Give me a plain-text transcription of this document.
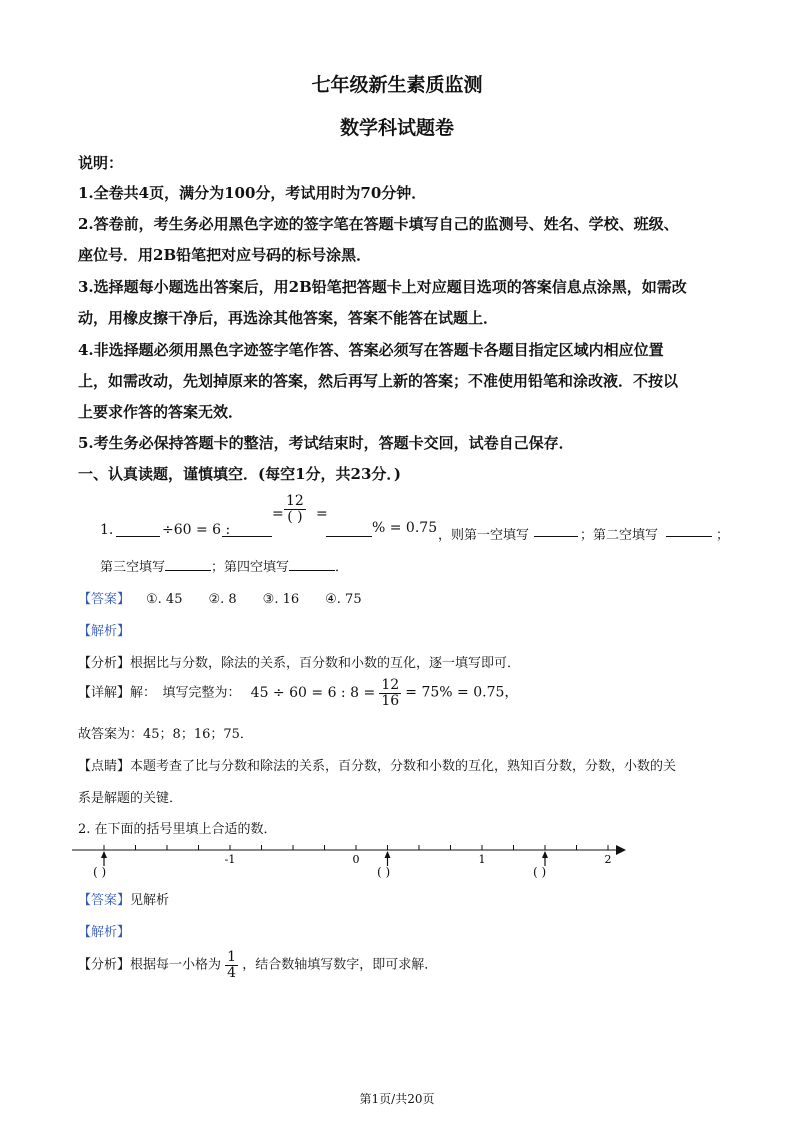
七年级新生素质监测
数学科试题卷
说明：
1.全卷共4页，满分为100分，考试用时为70分钟．
2.答卷前，考生务必用黑色字迹的签字笔在答题卡填写自己的监测号、姓名、学校、班级、
座位号．用2B铅笔把对应号码的标号涂黑．
3.选择题每小题选出答案后，用2B铅笔把答题卡上对应题目选项的答案信息点涂黑，如需改
动，用橡皮擦干净后，再选涂其他答案，答案不能答在试题上．
4.非选择题必须用黑色字迹签字笔作答、答案必须写在答题卡各题目指定区域内相应位置
上，如需改动，先划掉原来的答案，然后再写上新的答案；不准使用铅笔和涂改液．不按以
上要求作答的答案无效．
5.考生务必保持答题卡的整洁，考试结束时，答题卡交回，试卷自己保存．
一、认真读题，谨慎填空．(每空1分，共23分．)
1.	÷60 = 6 :
=
12
( ) =
% = 0.75 ，则第一空填写	；第二空填写	；
第三空填写	；第四空填写	．
【答案】 ①. 45　　②. 8　　③. 16　　④. 75
【解析】
【分析】根据比与分数，除法的关系，百分数和小数的互化，逐一填写即可．
【详解】解：　填写完整为： 45 ÷ 60 = 6 : $8 = \frac{12}{16} = 75\% = 0.75$，
故答案为：45；8；16；75．
【点睛】本题考查了比与分数和除法的关系，百分数，分数和小数的互化，熟知百分数，分数，小数的关
系是解题的关键．
2. 在下面的括号里填上合适的数．
-1	0	1	2
( )	( )	( )
【答案】见解析
【解析】
【分析】根据每一小格为 $\frac{1}{4}$ ，结合数轴填写数字，即可求解．
第1页/共20页
